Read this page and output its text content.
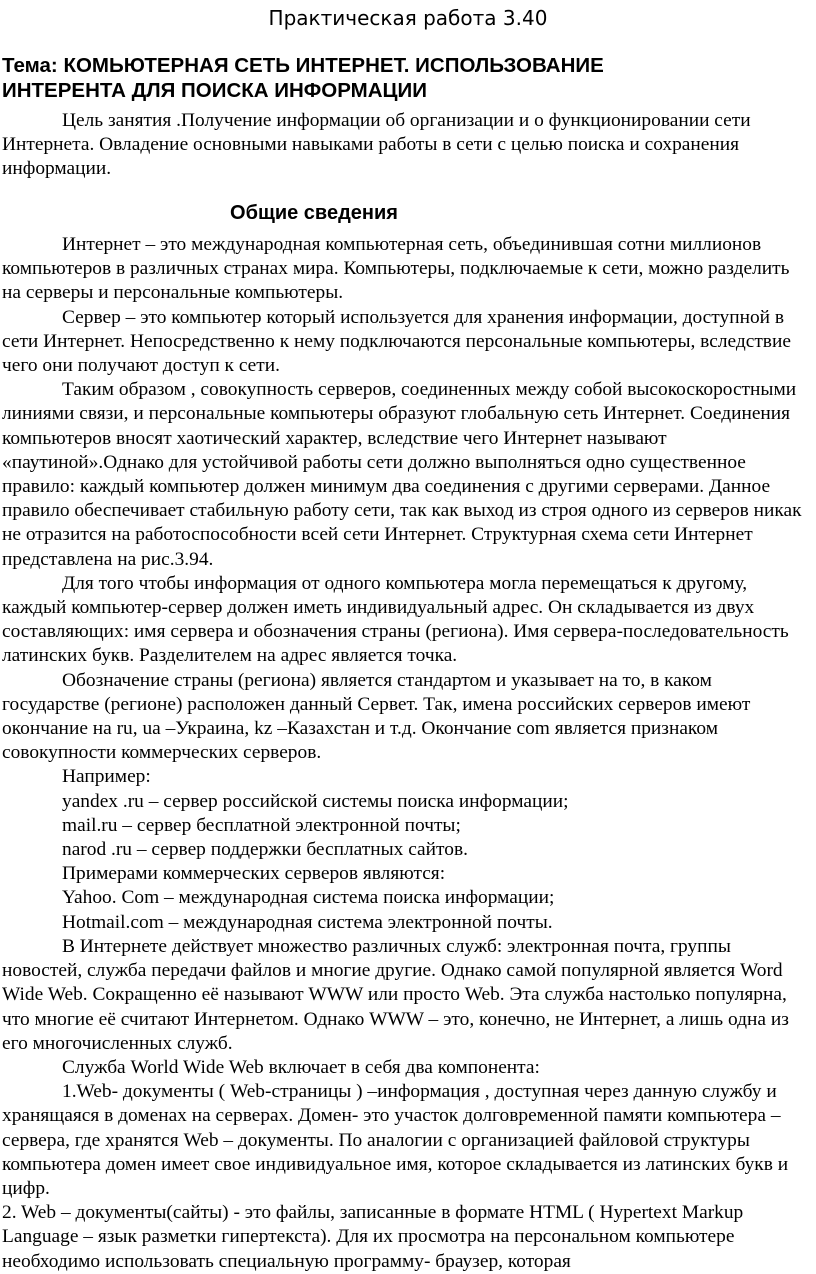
Практическая работа 3.40
Тема: КОМЬЮТЕРНАЯ СЕТЬ ИНТЕРНЕТ. ИСПОЛЬЗОВАНИЕ
ИНТЕРЕНТА ДЛЯ ПОИСКА ИНФОРМАЦИИ

Цель занятия .Получение информации об организации и о функционировании сети Интернета. Овладение основными навыками работы в сети с целью поиска и сохранения информации.

Общие сведения

Интернет – это международная компьютерная сеть, объединившая сотни миллионов компьютеров в различных странах мира. Компьютеры, подключаемые к сети, можно разделить на серверы и персональные компьютеры.

Сервер – это компьютер который используется для хранения информации, доступной в сети Интернет. Непосредственно к нему подключаются персональные компьютеры, вследствие чего они получают доступ к сети.

Таким образом , совокупность серверов, соединенных между собой высокоскоростными линиями связи, и персональные компьютеры образуют глобальную сеть Интернет. Соединения компьютеров вносят хаотический характер, вследствие чего Интернет называют «паутиной».Однако для устойчивой работы сети должно выполняться одно существенное правило: каждый компьютер должен минимум два соединения с другими серверами. Данное правило обеспечивает стабильную работу сети, так как выход из строя одного из серверов никак не отразится на работоспособности всей сети Интернет. Структурная схема сети Интернет представлена на рис.3.94.

Для того чтобы информация от одного компьютера могла перемещаться к другому, каждый компьютер-сервер должен иметь индивидуальный адрес. Он складывается из двух составляющих: имя сервера и обозначения страны (региона). Имя сервера-последовательность латинских букв. Разделителем на адрес является точка.

Обозначение страны (региона) является стандартом и указывает на то, в каком государстве (регионе) расположен данный Сервет. Так, имена российских серверов имеют окончание на ru, ua –Украина, kz –Казахстан и т.д. Окончание com является признаком совокупности коммерческих серверов.

Например:

yandex .ru – сервер российской системы поиска информации;

mail.ru – сервер бесплатной электронной почты;

narod .ru – сервер поддержки бесплатных сайтов.

Примерами коммерческих серверов являются:

Yahoo. Com – международная система поиска информации;

Hotmail.com – международная система электронной почты.

В Интернете действует множество различных служб: электронная почта, группы новостей, служба передачи файлов и многие другие. Однако самой популярной является Word Wide Web. Сокращенно её называют WWW или просто Web. Эта служба настолько популярна, что многие её считают Интернетом. Однако WWW – это, конечно, не Интернет, а лишь одна из его многочисленных служб.

Служба World Wide Web включает в себя два компонента:

1.Web- документы ( Web-страницы ) –информация , доступная через данную службу и хранящаяся в доменах на серверах. Домен- это участок долговременной памяти компьютера – сервера, где хранятся Web – документы. По аналогии с организацией файловой структуры компьютера домен имеет свое индивидуальное имя, которое складывается из латинских букв и цифр.

2. Web – документы(сайты) - это файлы, записанные в формате HTML ( Hypertext Markup Language – язык разметки гипертекста). Для их просмотра на персональном компьютере необходимо использовать специальную программу- браузер, которая
